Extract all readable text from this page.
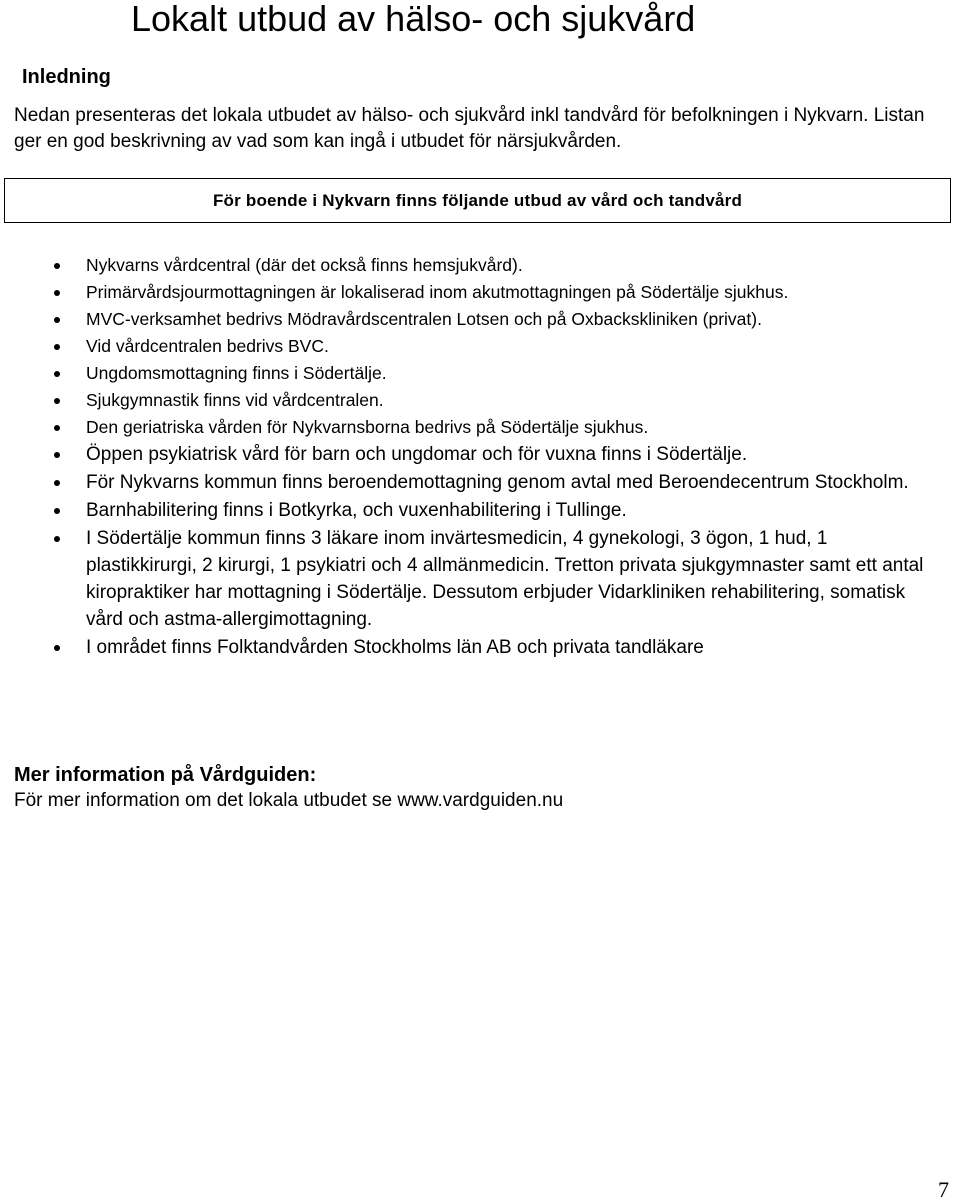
Lokalt utbud av hälso- och sjukvård
Inledning

Nedan presenteras det lokala utbudet av hälso- och sjukvård inkl tandvård för befolkningen i Nykvarn. Listan ger en god beskrivning av vad som kan ingå i utbudet för närsjukvården.

För boende i Nykvarn finns följande utbud av vård och tandvård
Nykvarns vårdcentral (där det också finns hemsjukvård).
Primärvårdsjourmottagningen är lokaliserad inom akutmottagningen på Södertälje sjukhus.
MVC-verksamhet bedrivs Mödravårdscentralen Lotsen och på Oxbackskliniken (privat).
Vid vårdcentralen bedrivs BVC.
Ungdomsmottagning finns i Södertälje.
Sjukgymnastik finns vid vårdcentralen.
Den geriatriska vården för Nykvarnsborna bedrivs på Södertälje sjukhus.
Öppen psykiatrisk vård för barn och ungdomar och för vuxna finns i Södertälje.
För Nykvarns kommun finns beroendemottagning genom avtal med Beroendecentrum Stockholm.
Barnhabilitering finns i Botkyrka, och vuxenhabilitering i Tullinge.
I Södertälje kommun finns 3 läkare inom invärtesmedicin, 4 gynekologi, 3 ögon, 1 hud, 1 plastikkirurgi, 2 kirurgi, 1 psykiatri och 4 allmänmedicin. Tretton privata sjukgymnaster samt ett antal kiropraktiker har mottagning i Södertälje. Dessutom erbjuder Vidarkliniken rehabilitering, somatisk vård och astma-allergimottagning.
I området finns Folktandvården Stockholms län AB och privata tandläkare
Mer information på Vårdguiden:

För mer information om det lokala utbudet se www.vardguiden.nu

7
